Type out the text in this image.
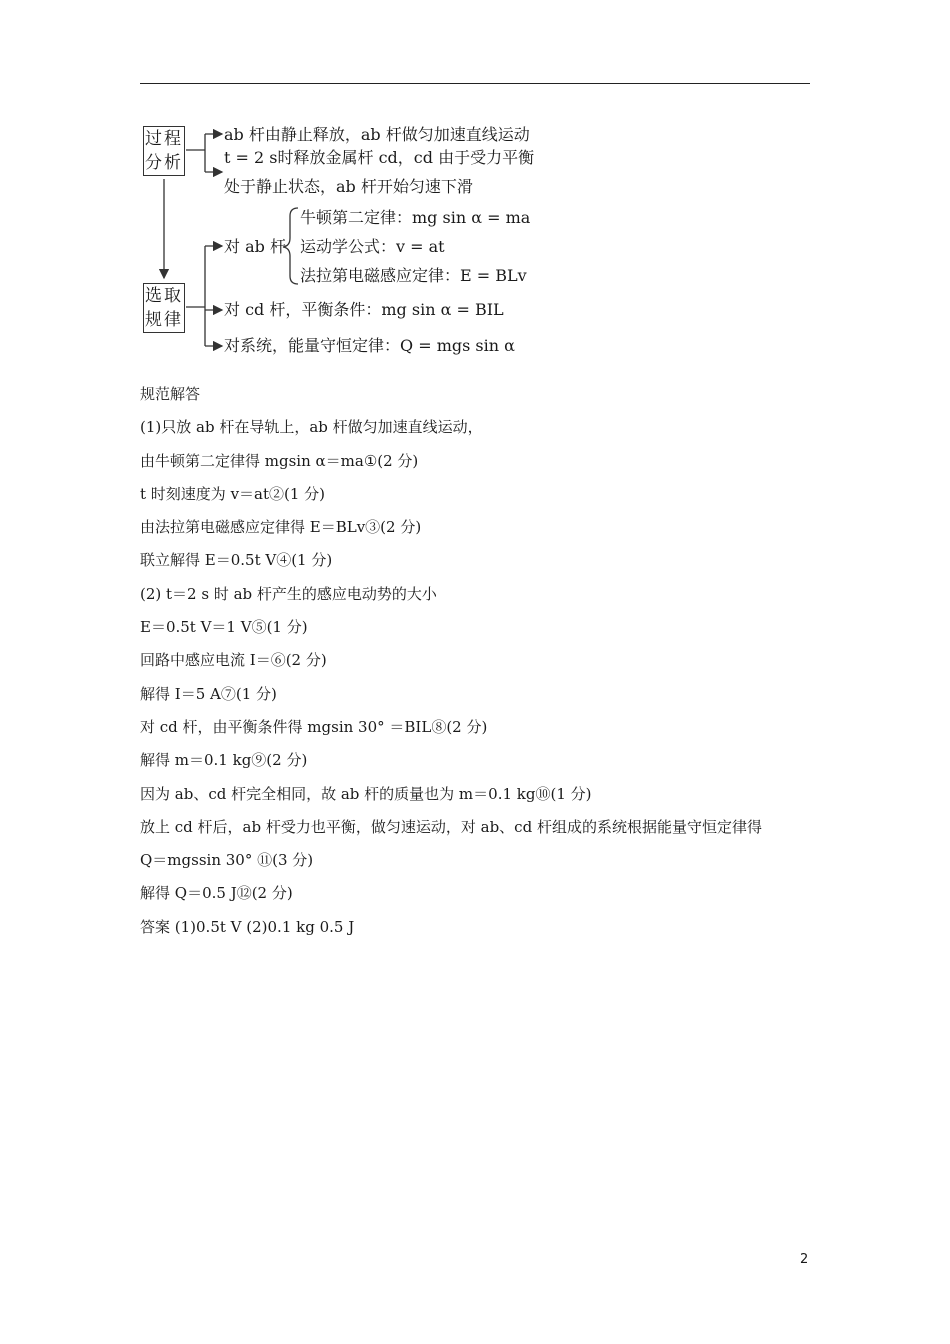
过程
分析
选取
规律
ab 杆由静止释放，ab 杆做匀加速直线运动
t = 2 s时释放金属杆 cd，cd 由于受力平衡
处于静止状态，ab 杆开始匀速下滑
对 ab 杆
牛顿第二定律：mg sin α = ma
运动学公式：v = at
法拉第电磁感应定律：E = BLv
对 cd 杆，平衡条件：mg sin α = BIL
对系统，能量守恒定律：Q = mgs sin α

规范解答

(1)只放 ab 杆在导轨上，ab 杆做匀加速直线运动，

由牛顿第二定律得 mgsin α＝ma①(2 分)

t 时刻速度为 v＝at②(1 分)

由法拉第电磁感应定律得 E＝BLv③(2 分)

联立解得 E＝0.5t V④(1 分)

(2) t＝2 s 时 ab 杆产生的感应电动势的大小

E＝0.5t V＝1 V⑤(1 分)

回路中感应电流 I＝⑥(2 分)

解得 I＝5 A⑦(1 分)

对 cd 杆，由平衡条件得 mgsin 30° ＝BIL⑧(2 分)

解得 m＝0.1 kg⑨(2 分)

因为 ab、cd 杆完全相同，故 ab 杆的质量也为 m＝0.1 kg⑩(1 分)

放上 cd 杆后，ab 杆受力也平衡，做匀速运动，对 ab、cd 杆组成的系统根据能量守恒定律得

Q＝mgssin 30° ⑪(3 分)

解得 Q＝0.5 J⑫(2 分)

答案 (1)0.5t V (2)0.1 kg 0.5 J

2
